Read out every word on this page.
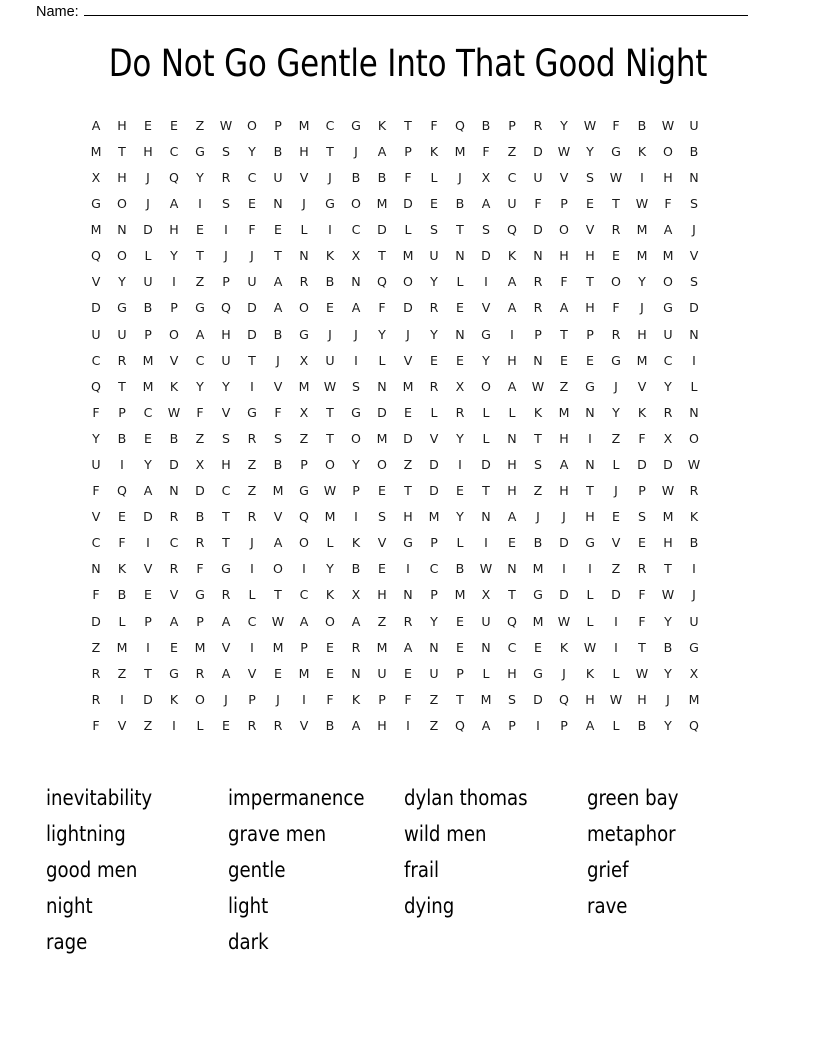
Name:
Do Not Go Gentle Into That Good Night
A	H	E	E	Z	W	O	P	M	C	G	K	T	F	Q	B	P	R	Y	W	F	B	W	U
M	T	H	C	G	S	Y	B	H	T	J	A	P	K	M	F	Z	D	W	Y	G	K	O	B
X	H	J	Q	Y	R	C	U	V	J	B	B	F	L	J	X	C	U	V	S	W	I	H	N
G	O	J	A	I	S	E	N	J	G	O	M	D	E	B	A	U	F	P	E	T	W	F	S
M	N	D	H	E	I	F	E	L	I	C	D	L	S	T	S	Q	D	O	V	R	M	A	J
Q	O	L	Y	T	J	J	T	N	K	X	T	M	U	N	D	K	N	H	H	E	M	M	V
V	Y	U	I	Z	P	U	A	R	B	N	Q	O	Y	L	I	A	R	F	T	O	Y	O	S
D	G	B	P	G	Q	D	A	O	E	A	F	D	R	E	V	A	R	A	H	F	J	G	D
U	U	P	O	A	H	D	B	G	J	J	Y	J	Y	N	G	I	P	T	P	R	H	U	N
C	R	M	V	C	U	T	J	X	U	I	L	V	E	E	Y	H	N	E	E	G	M	C	I
Q	T	M	K	Y	Y	I	V	M	W	S	N	M	R	X	O	A	W	Z	G	J	V	Y	L
F	P	C	W	F	V	G	F	X	T	G	D	E	L	R	L	L	K	M	N	Y	K	R	N
Y	B	E	B	Z	S	R	S	Z	T	O	M	D	V	Y	L	N	T	H	I	Z	F	X	O
U	I	Y	D	X	H	Z	B	P	O	Y	O	Z	D	I	D	H	S	A	N	L	D	D	W
F	Q	A	N	D	C	Z	M	G	W	P	E	T	D	E	T	H	Z	H	T	J	P	W	R
V	E	D	R	B	T	R	V	Q	M	I	S	H	M	Y	N	A	J	J	H	E	S	M	K
C	F	I	C	R	T	J	A	O	L	K	V	G	P	L	I	E	B	D	G	V	E	H	B
N	K	V	R	F	G	I	O	I	Y	B	E	I	C	B	W	N	M	I	I	Z	R	T	I
F	B	E	V	G	R	L	T	C	K	X	H	N	P	M	X	T	G	D	L	D	F	W	J
D	L	P	A	P	A	C	W	A	O	A	Z	R	Y	E	U	Q	M	W	L	I	F	Y	U
Z	M	I	E	M	V	I	M	P	E	R	M	A	N	E	N	C	E	K	W	I	T	B	G
R	Z	T	G	R	A	V	E	M	E	N	U	E	U	P	L	H	G	J	K	L	W	Y	X
R	I	D	K	O	J	P	J	I	F	K	P	F	Z	T	M	S	D	Q	H	W	H	J	M
F	V	Z	I	L	E	R	R	V	B	A	H	I	Z	Q	A	P	I	P	A	L	B	Y	Q
inevitability	impermanence	dylan thomas	green bay
lightning	grave men	wild men	metaphor
good men	gentle	frail	grief
night	light	dying	rave
rage	dark
